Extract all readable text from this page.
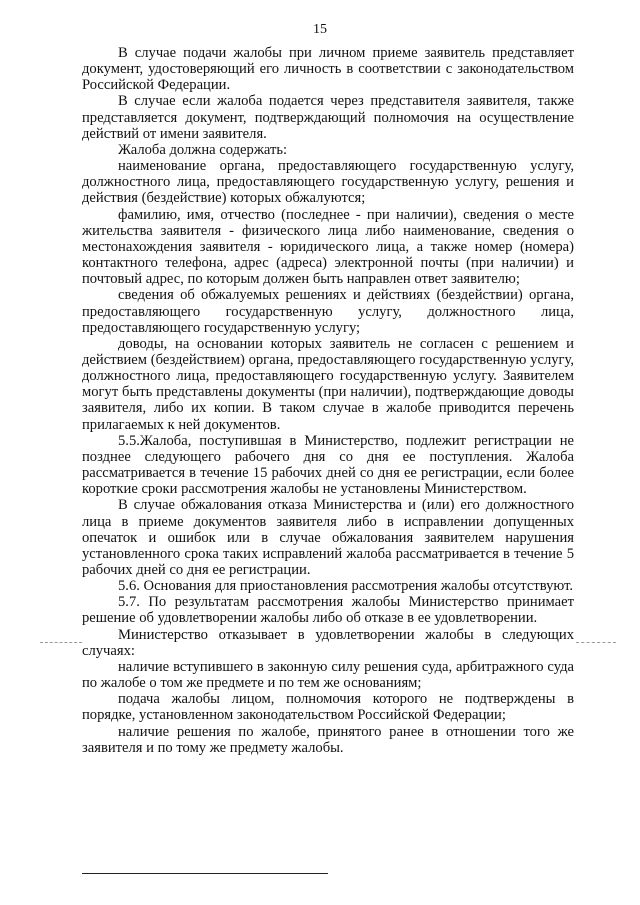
15

В случае подачи жалобы при личном приеме заявитель представляет документ, удостоверяющий его личность в соответствии с законодательством Российской Федерации.

В случае если жалоба подается через представителя заявителя, также представляется документ, подтверждающий полномочия на осуществление действий от имени заявителя.

Жалоба должна содержать:

наименование органа, предоставляющего государственную услугу, должностного лица, предоставляющего государственную услугу, решения и действия (бездействие) которых обжалуются;

фамилию, имя, отчество (последнее - при наличии), сведения о месте жительства заявителя - физического лица либо наименование, сведения о местонахождения заявителя - юридического лица, а также номер (номера) контактного телефона, адрес (адреса) электронной почты (при наличии) и почтовый адрес, по которым должен быть направлен ответ заявителю;

сведения об обжалуемых решениях и действиях (бездействии) органа, предоставляющего государственную услугу, должностного лица, предоставляющего государственную услугу;

доводы, на основании которых заявитель не согласен с решением и действием (бездействием) органа, предоставляющего государственную услугу, должностного лица, предоставляющего государственную услугу. Заявителем могут быть представлены документы (при наличии), подтверждающие доводы заявителя, либо их копии. В таком случае в жалобе приводится перечень прилагаемых к ней документов.

5.5.Жалоба, поступившая в Министерство, подлежит регистрации не позднее следующего рабочего дня со дня ее поступления. Жалоба рассматривается в течение 15 рабочих дней со дня ее регистрации, если более короткие сроки рассмотрения жалобы не установлены Министерством.

В случае обжалования отказа Министерства и (или) его должностного лица в приеме документов заявителя либо в исправлении допущенных опечаток и ошибок или в случае обжалования заявителем нарушения установленного срока таких исправлений жалоба рассматривается в течение 5 рабочих дней со дня ее регистрации.

5.6. Основания для приостановления рассмотрения жалобы отсутствуют.

5.7. По результатам рассмотрения жалобы Министерство принимает решение об удовлетворении жалобы либо об отказе в ее удовлетворении.

Министерство отказывает в удовлетворении жалобы в следующих случаях:

наличие вступившего в законную силу решения суда, арбитражного суда по жалобе о том же предмете и по тем же основаниям;

подача жалобы лицом, полномочия которого не подтверждены в порядке, установленном законодательством Российской Федерации;

наличие решения по жалобе, принятого ранее в отношении того же заявителя и по тому же предмету жалобы.
